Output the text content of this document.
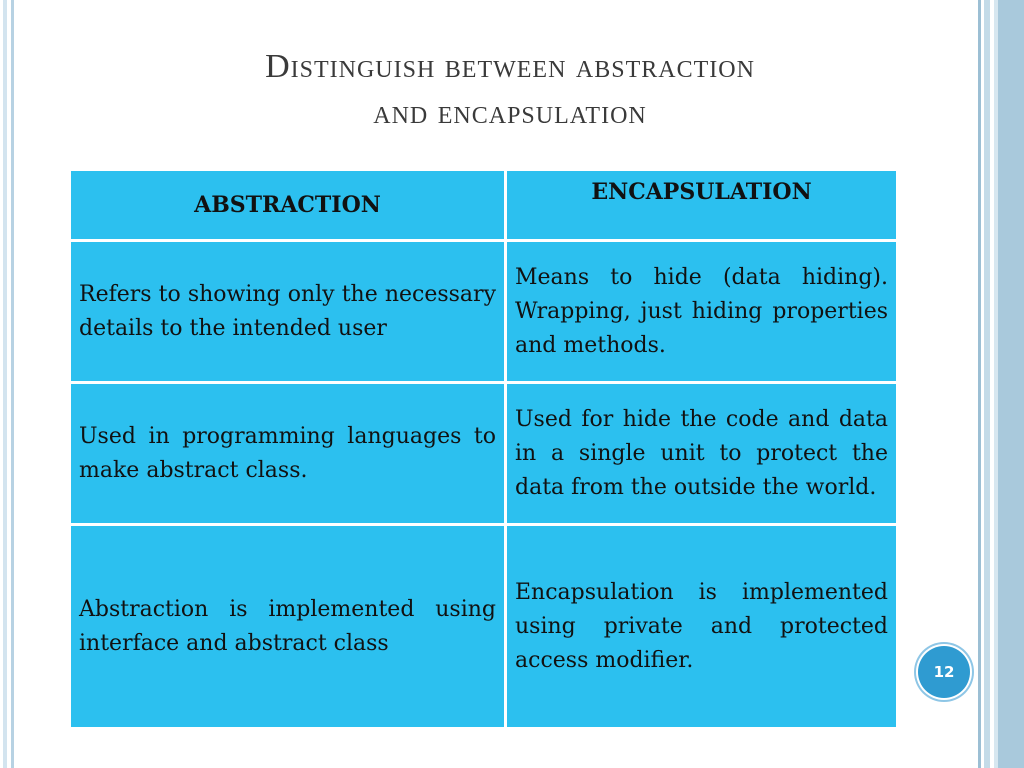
Distinguish between abstraction
and encapsulation
ABSTRACTION	ENCAPSULATION
Refers to showing only the necessary details to the intended user	Means to hide (data hiding). Wrapping, just hiding properties and methods.
Used in programming languages to make abstract class.	Used for hide the code and data in a single unit to protect the data from the outside the world.
Abstraction is implemented using interface and abstract class	Encapsulation is implemented using private and protected access modifier.	12
